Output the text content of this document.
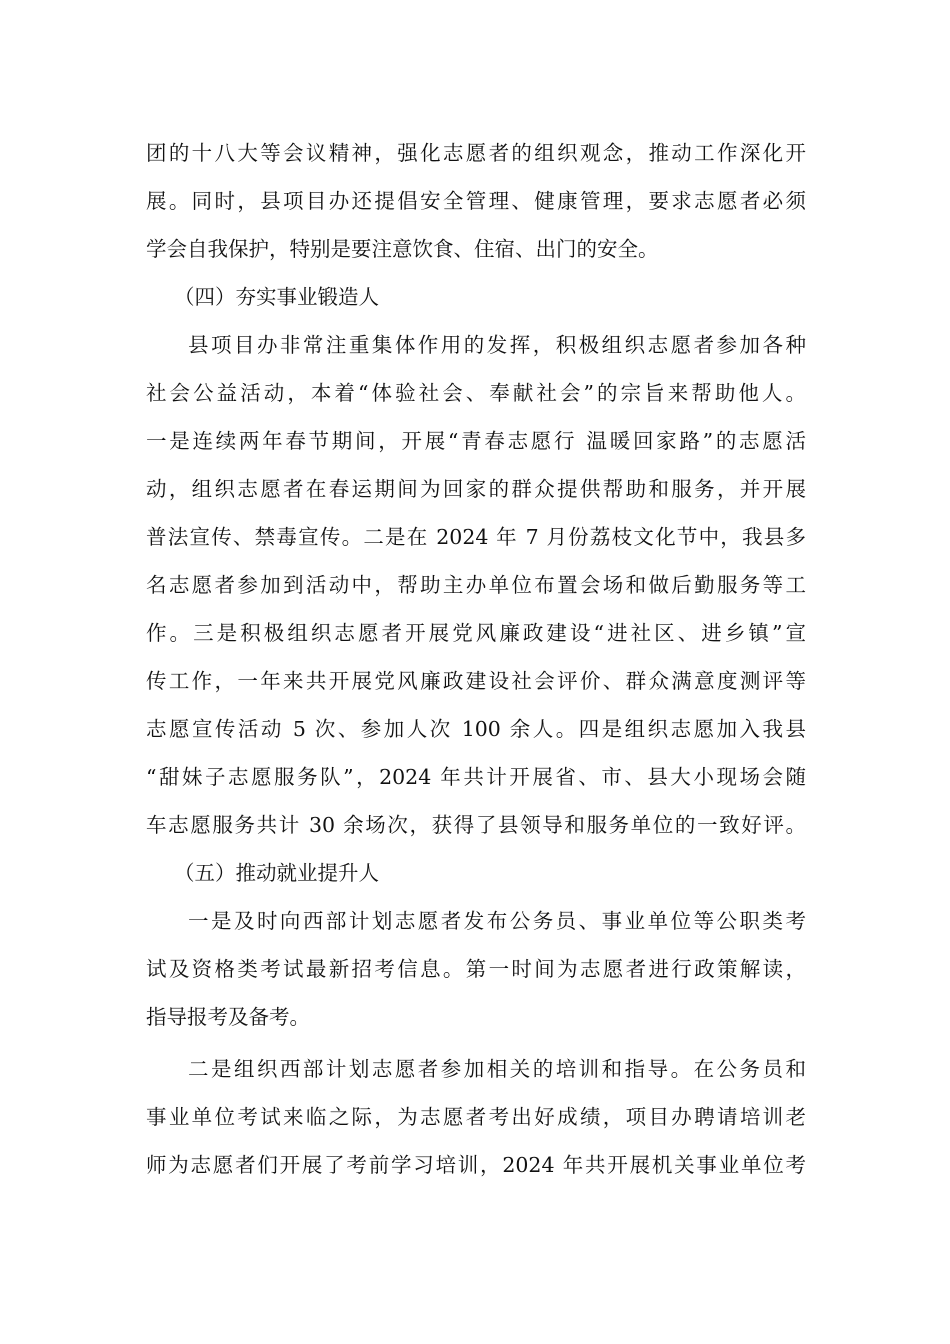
团的十八大等会议精神，强化志愿者的组织观念，推动工作深化开
展。同时，县项目办还提倡安全管理、健康管理，要求志愿者必须
学会自我保护，特别是要注意饮食、住宿、出门的安全。
（四）夯实事业锻造人
县项目办非常注重集体作用的发挥，积极组织志愿者参加各种
社会公益活动，本着“体验社会、奉献社会”的宗旨来帮助他人。
一是连续两年春节期间，开展“青春志愿行 温暖回家路”的志愿活
动，组织志愿者在春运期间为回家的群众提供帮助和服务，并开展
普法宣传、禁毒宣传。二是在 2024 年 7 月份荔枝文化节中，我县多
名志愿者参加到活动中，帮助主办单位布置会场和做后勤服务等工
作。三是积极组织志愿者开展党风廉政建设“进社区、进乡镇”宣
传工作，一年来共开展党风廉政建设社会评价、群众满意度测评等
志愿宣传活动 5 次、参加人次 100 余人。四是组织志愿加入我县
“甜妹子志愿服务队”，2024 年共计开展省、市、县大小现场会随
车志愿服务共计 30 余场次，获得了县领导和服务单位的一致好评。
（五）推动就业提升人
一是及时向西部计划志愿者发布公务员、事业单位等公职类考
试及资格类考试最新招考信息。第一时间为志愿者进行政策解读，
指导报考及备考。
二是组织西部计划志愿者参加相关的培训和指导。在公务员和
事业单位考试来临之际，为志愿者考出好成绩，项目办聘请培训老
师为志愿者们开展了考前学习培训，2024 年共开展机关事业单位考
